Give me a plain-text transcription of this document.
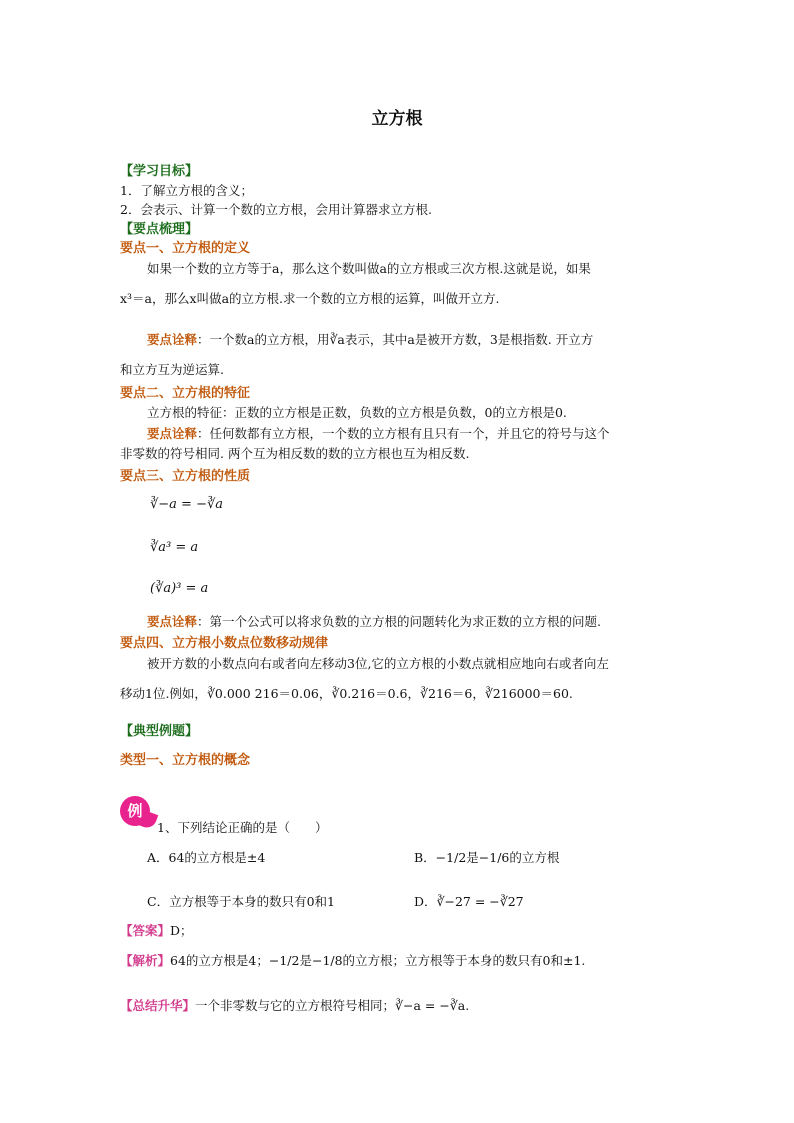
立方根
【学习目标】
1．了解立方根的含义；
2．会表示、计算一个数的立方根，会用计算器求立方根.
【要点梳理】
要点一、立方根的定义
如果一个数的立方等于a，那么这个数叫做a的立方根或三次方根.这就是说，如果
x³＝a，那么x叫做a的立方根.求一个数的立方根的运算，叫做开立方.
要点诠释：一个数a的立方根，用∛a表示，其中a是被开方数，3是根指数. 开立方
和立方互为逆运算.
要点二、立方根的特征
立方根的特征：正数的立方根是正数，负数的立方根是负数，0的立方根是0.
要点诠释：任何数都有立方根，一个数的立方根有且只有一个，并且它的符号与这个
非零数的符号相同. 两个互为相反数的数的立方根也互为相反数.
要点三、立方根的性质
∛−a = −∛a
∛a³ = a
(∛a)³ = a
要点诠释：第一个公式可以将求负数的立方根的问题转化为求正数的立方根的问题.
要点四、立方根小数点位数移动规律
被开方数的小数点向右或者向左移动3位,它的立方根的小数点就相应地向右或者向左
移动1位.例如，∛0.000 216＝0.06，∛0.216＝0.6，∛216＝6，∛216000＝60.
【典型例题】
类型一、立方根的概念
例
1、下列结论正确的是（　　）
A．64的立方根是±4	B．−1/2是−1/6的立方根
C．立方根等于本身的数只有0和1	D．∛−27 = −∛27
【答案】D；
【解析】64的立方根是4；−1/2是−1/8的立方根；立方根等于本身的数只有0和±1.
【总结升华】一个非零数与它的立方根符号相同；∛−a = −∛a.
